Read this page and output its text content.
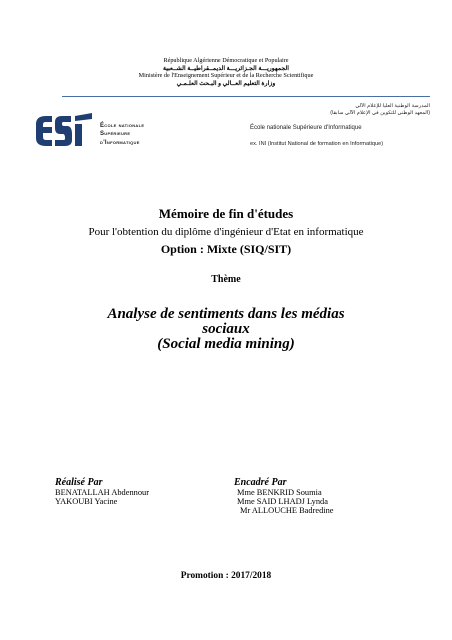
République Algérienne Démocratique et Populaire
الجمهوريـــة الجـزائريـــة الديمــقراطيــة الشــعبية
Ministère de l'Enseignement Supérieur et de la Recherche Scientifique
وزارة التعليم العــالي و البـحث العلـمـي
École nationale
Supérieure
d'Informatique
المدرسة الوطنية العليا للإعلام الآلي
(المعهد الوطني للتكوين في الإعلام الآلي سابقا)
École nationale Supérieure d'Informatique
ex. INI (Institut National de formation en Informatique)
Mémoire de fin d'études
Pour l'obtention du diplôme d'ingénieur d'Etat en informatique
Option : Mixte (SIQ/SIT)
Thème
Analyse de sentiments dans les médias
sociaux
(Social media mining)
Réalisé Par
BENATALLAH Abdennour
YAKOUBI Yacine
Encadré Par
Mme BENKRID Soumia
Mme SAID LHADJ Lynda
Mr ALLOUCHE Badredine
Promotion : 2017/2018
